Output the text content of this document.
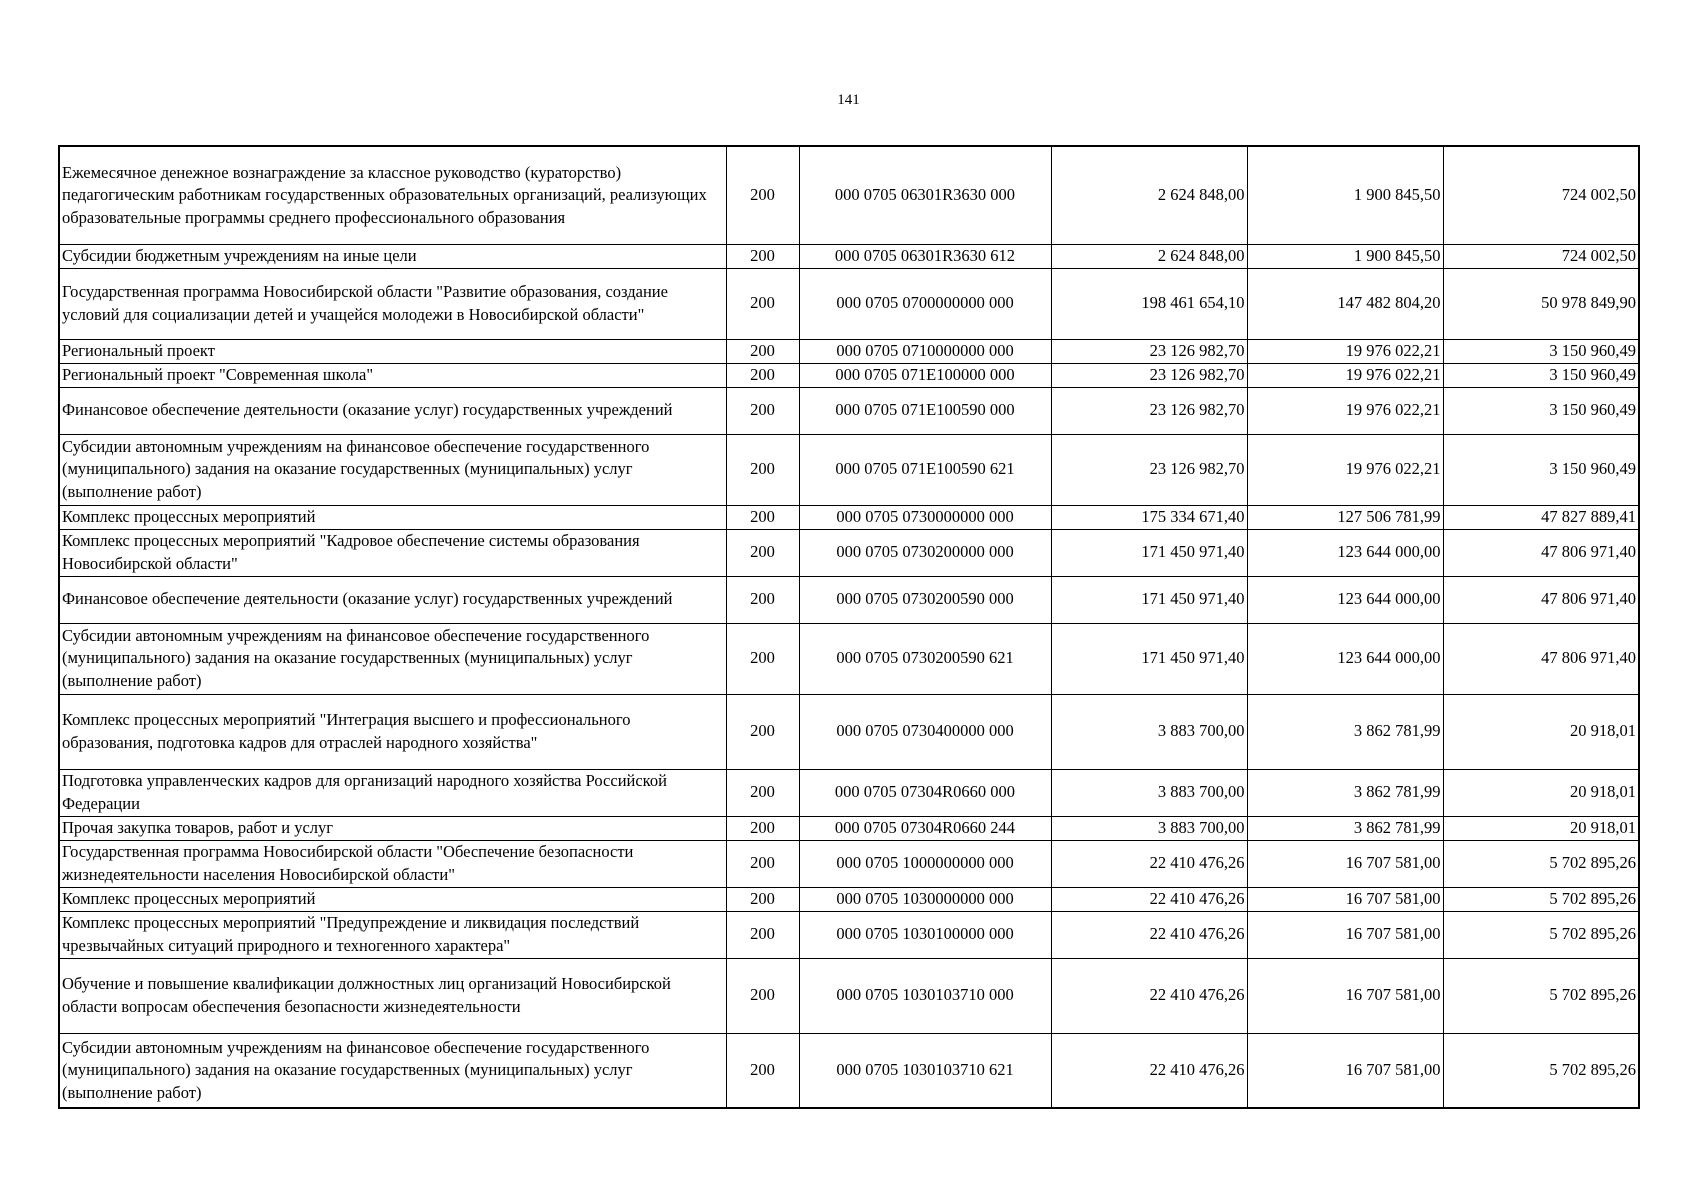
141
Ежемесячное денежное вознаграждение за классное руководство (кураторство) педагогическим работникам государственных образовательных организаций, реализующих образовательные программы среднего профессионального образования	200	000 0705 06301R3630 000	2 624 848,00	1 900 845,50	724 002,50
Субсидии бюджетным учреждениям на иные цели	200	000 0705 06301R3630 612	2 624 848,00	1 900 845,50	724 002,50
Государственная программа Новосибирской области "Развитие образования, создание условий для социализации детей и учащейся молодежи в Новосибирской области"	200	000 0705 0700000000 000	198 461 654,10	147 482 804,20	50 978 849,90
Региональный проект	200	000 0705 0710000000 000	23 126 982,70	19 976 022,21	3 150 960,49
Региональный проект "Современная школа"	200	000 0705 071E100000 000	23 126 982,70	19 976 022,21	3 150 960,49
Финансовое обеспечение деятельности (оказание услуг) государственных учреждений	200	000 0705 071E100590 000	23 126 982,70	19 976 022,21	3 150 960,49
Субсидии автономным учреждениям на финансовое обеспечение государственного (муниципального) задания на оказание государственных (муниципальных) услуг (выполнение работ)	200	000 0705 071E100590 621	23 126 982,70	19 976 022,21	3 150 960,49
Комплекс процессных мероприятий	200	000 0705 0730000000 000	175 334 671,40	127 506 781,99	47 827 889,41
Комплекс процессных мероприятий "Кадровое обеспечение системы образования Новосибирской области"	200	000 0705 0730200000 000	171 450 971,40	123 644 000,00	47 806 971,40
Финансовое обеспечение деятельности (оказание услуг) государственных учреждений	200	000 0705 0730200590 000	171 450 971,40	123 644 000,00	47 806 971,40
Субсидии автономным учреждениям на финансовое обеспечение государственного (муниципального) задания на оказание государственных (муниципальных) услуг (выполнение работ)	200	000 0705 0730200590 621	171 450 971,40	123 644 000,00	47 806 971,40
Комплекс процессных мероприятий "Интеграция высшего и профессионального образования, подготовка кадров для отраслей народного хозяйства"	200	000 0705 0730400000 000	3 883 700,00	3 862 781,99	20 918,01
Подготовка управленческих кадров для организаций народного хозяйства Российской Федерации	200	000 0705 07304R0660 000	3 883 700,00	3 862 781,99	20 918,01
Прочая закупка товаров, работ и услуг	200	000 0705 07304R0660 244	3 883 700,00	3 862 781,99	20 918,01
Государственная программа Новосибирской области "Обеспечение безопасности жизнедеятельности населения Новосибирской области"	200	000 0705 1000000000 000	22 410 476,26	16 707 581,00	5 702 895,26
Комплекс процессных мероприятий	200	000 0705 1030000000 000	22 410 476,26	16 707 581,00	5 702 895,26
Комплекс процессных мероприятий "Предупреждение и ликвидация последствий чрезвычайных ситуаций природного и техногенного характера"	200	000 0705 1030100000 000	22 410 476,26	16 707 581,00	5 702 895,26
Обучение и повышение квалификации должностных лиц организаций Новосибирской области вопросам обеспечения безопасности жизнедеятельности	200	000 0705 1030103710 000	22 410 476,26	16 707 581,00	5 702 895,26
Субсидии автономным учреждениям на финансовое обеспечение государственного (муниципального) задания на оказание государственных (муниципальных) услуг (выполнение работ)	200	000 0705 1030103710 621	22 410 476,26	16 707 581,00	5 702 895,26
